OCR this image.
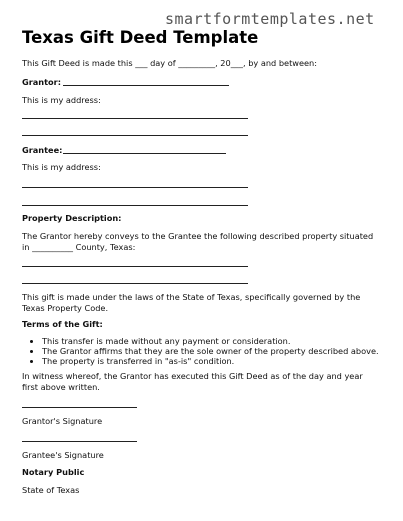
smartformtemplates.net
Texas Gift Deed Template
This Gift Deed is made this ___ day of _________, 20___, by and between:
Grantor:
This is my address:
Grantee:
This is my address:
Property Description:
The Grantor hereby conveys to the Grantee the following described property situated in __________ County, Texas:
This gift is made under the laws of the State of Texas, specifically governed by the Texas Property Code.
Terms of the Gift:
• This transfer is made without any payment or consideration.
• The Grantor affirms that they are the sole owner of the property described above.
• The property is transferred in "as-is" condition.
In witness whereof, the Grantor has executed this Gift Deed as of the day and year first above written.
Grantor's Signature
Grantee's Signature
Notary Public
State of Texas
